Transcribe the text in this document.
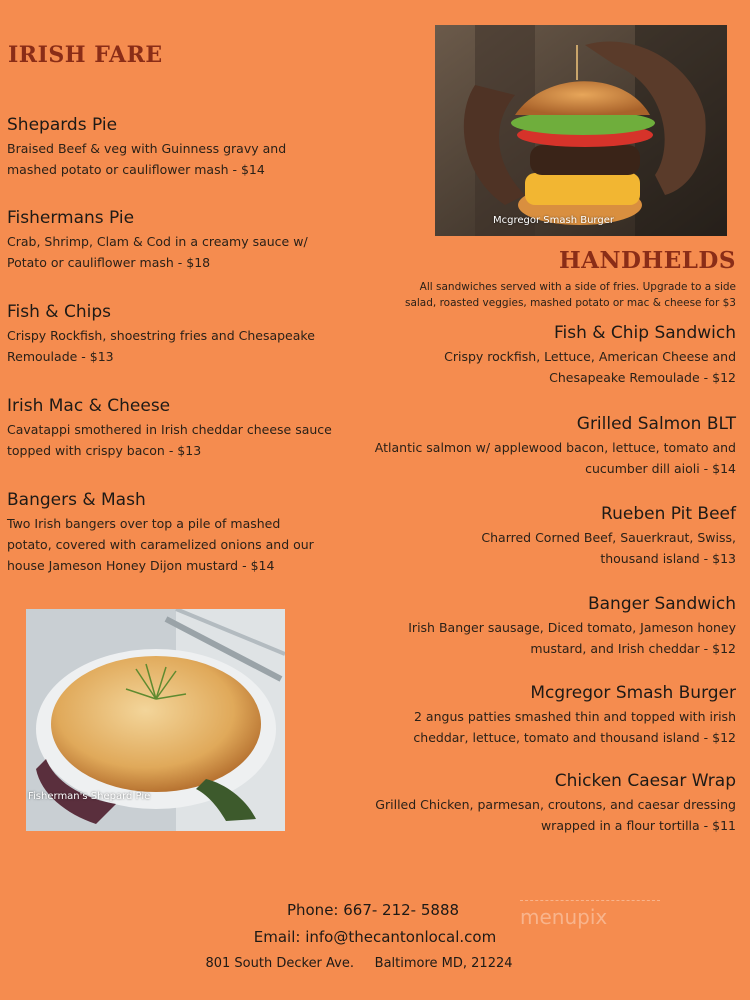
IRISH FARE
Shepards Pie
Braised Beef & veg with Guinness gravy and
mashed potato or cauliflower mash - $14
Fishermans Pie
Crab, Shrimp, Clam & Cod in a creamy sauce w/
Potato or cauliflower mash - $18
Fish & Chips
Crispy Rockfish, shoestring fries and Chesapeake
Remoulade - $13
Irish Mac & Cheese
Cavatappi smothered in Irish cheddar cheese sauce
topped with crispy bacon - $13
Bangers & Mash
Two Irish bangers over top a pile of mashed
potato, covered with caramelized onions and our
house Jameson Honey Dijon mustard - $14
Mcgregor Smash Burger
HANDHELDS
All sandwiches served with a side of fries. Upgrade to a side
salad, roasted veggies, mashed potato or mac & cheese for $3
Fish & Chip Sandwich
Crispy rockfish, Lettuce, American Cheese and
Chesapeake Remoulade - $12
Grilled Salmon BLT
Atlantic salmon w/ applewood bacon, lettuce, tomato and
cucumber dill aioli - $14
Rueben Pit Beef
Charred Corned Beef, Sauerkraut, Swiss,
thousand island - $13
Banger Sandwich
Irish Banger sausage, Diced tomato, Jameson honey
mustard, and Irish cheddar - $12
Mcgregor Smash Burger
2 angus patties smashed thin and topped with irish
cheddar, lettuce, tomato and thousand island - $12
Chicken Caesar Wrap
Grilled Chicken, parmesan, croutons, and caesar dressing
wrapped in a flour tortilla - $11
Fisherman's Shepard Pie
Phone: 667- 212- 5888
Email: info@thecantonlocal.com
801 South Decker Ave.     Baltimore MD, 21224
menupix
